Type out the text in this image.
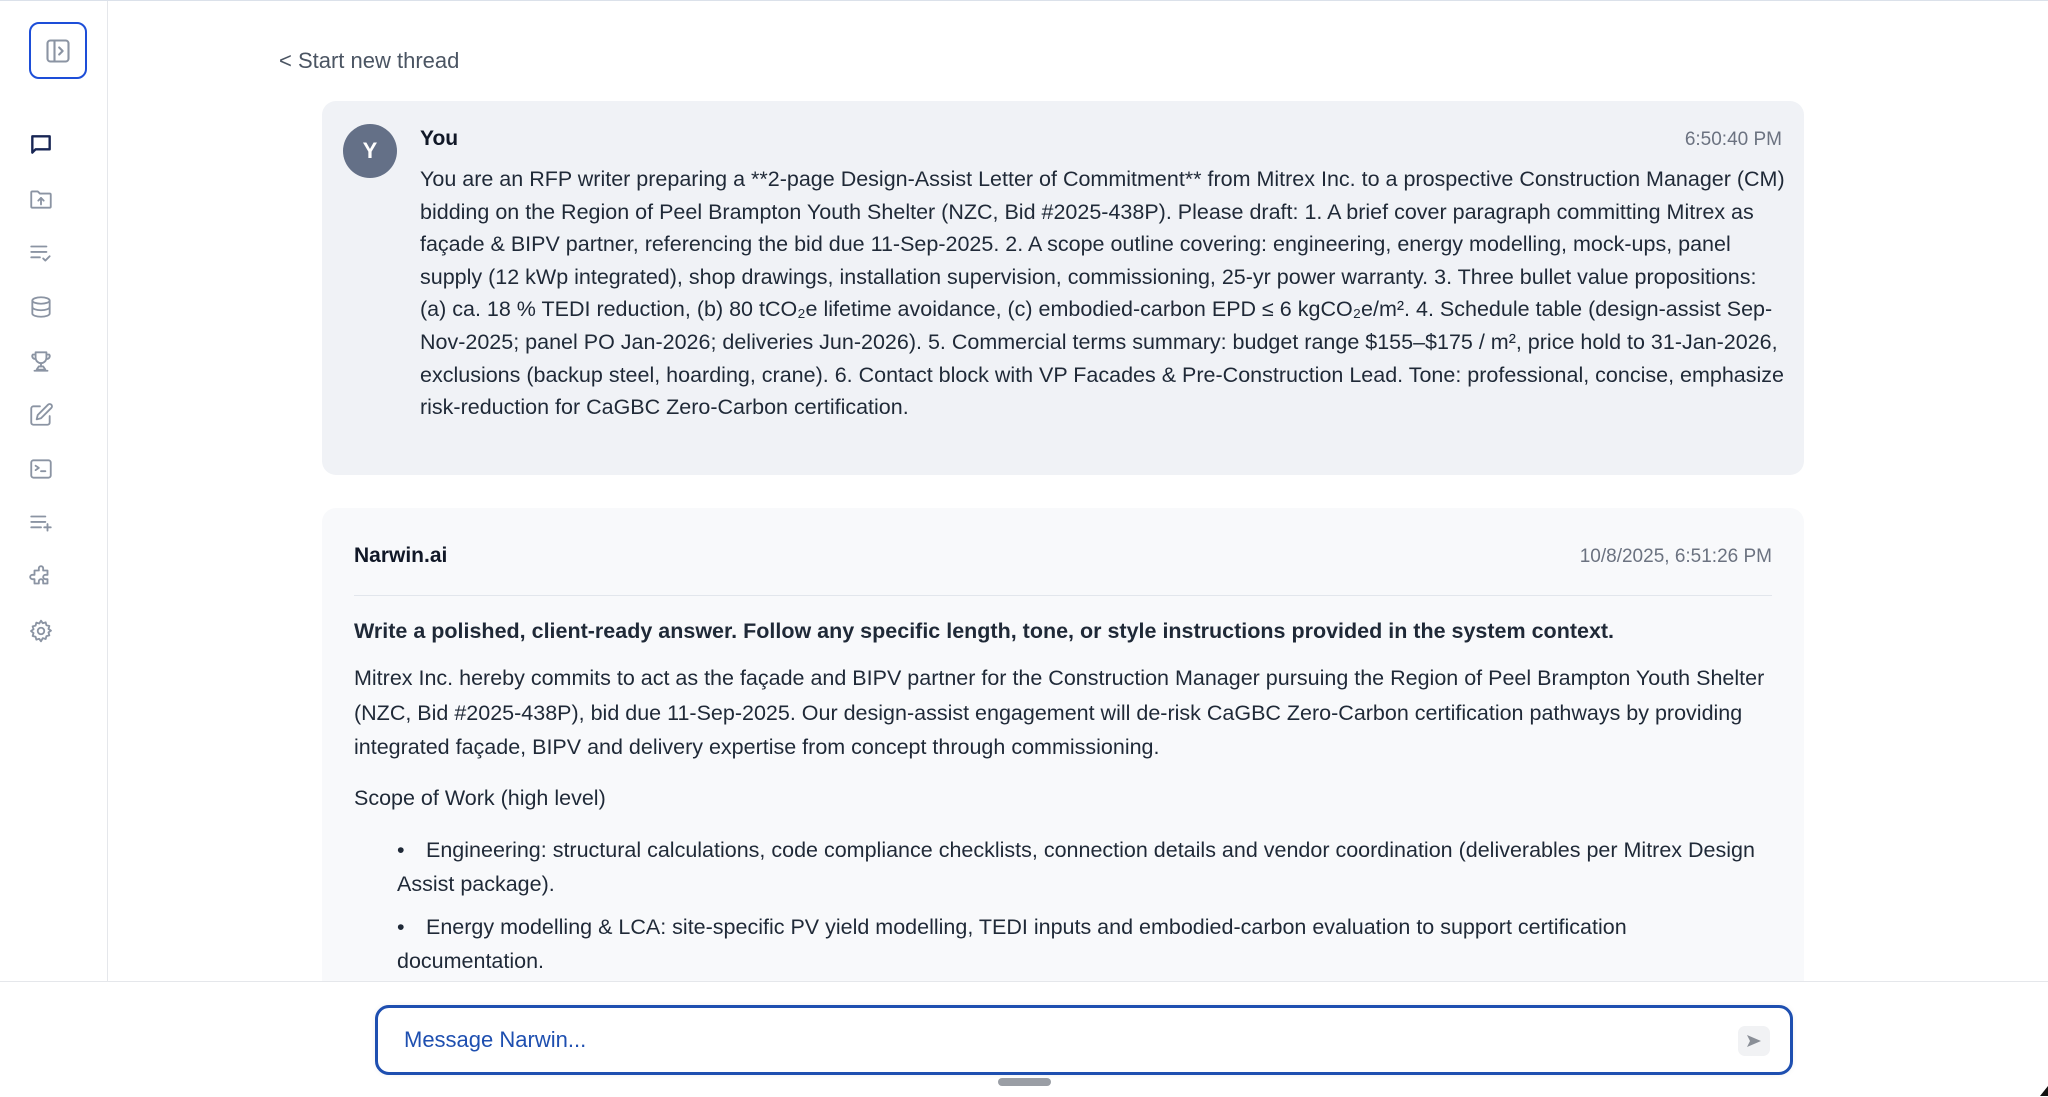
< Start new thread
Y	You	6:50:40 PM
You are an RFP writer preparing a **2-page Design-Assist Letter of Commitment** from Mitrex Inc. to a prospective Construction Manager (CM) bidding on the Region of Peel Brampton Youth Shelter (NZC, Bid #2025-438P). Please draft: 1. A brief cover paragraph committing Mitrex as façade & BIPV partner, referencing the bid due 11-Sep-2025. 2. A scope outline covering: engineering, energy modelling, mock-ups, panel supply (12 kWp integrated), shop drawings, installation supervision, commissioning, 25-yr power warranty. 3. Three bullet value propositions: (a) ca. 18 % TEDI reduction, (b) 80 tCO₂e lifetime avoidance, (c) embodied-carbon EPD ≤ 6 kgCO₂e/m². 4. Schedule table (design-assist Sep-Nov-2025; panel PO Jan-2026; deliveries Jun-2026). 5. Commercial terms summary: budget range $155–$175 / m², price hold to 31-Jan-2026, exclusions (backup steel, hoarding, crane). 6. Contact block with VP Facades & Pre-Construction Lead. Tone: professional, concise, emphasize risk-reduction for CaGBC Zero-Carbon certification.
Narwin.ai	10/8/2025, 6:51:26 PM

Write a polished, client-ready answer. Follow any specific length, tone, or style instructions provided in the system context.

Mitrex Inc. hereby commits to act as the façade and BIPV partner for the Construction Manager pursuing the Region of Peel Brampton Youth Shelter (NZC, Bid #2025-438P), bid due 11-Sep-2025. Our design-assist engagement will de-risk CaGBC Zero-Carbon certification pathways by providing integrated façade, BIPV and delivery expertise from concept through commissioning.

Scope of Work (high level)

• Engineering: structural calculations, code compliance checklists, connection details and vendor coordination (deliverables per Mitrex Design Assist package).
• Energy modelling & LCA: site-specific PV yield modelling, TEDI inputs and embodied-carbon evaluation to support certification documentation.
Message Narwin...
